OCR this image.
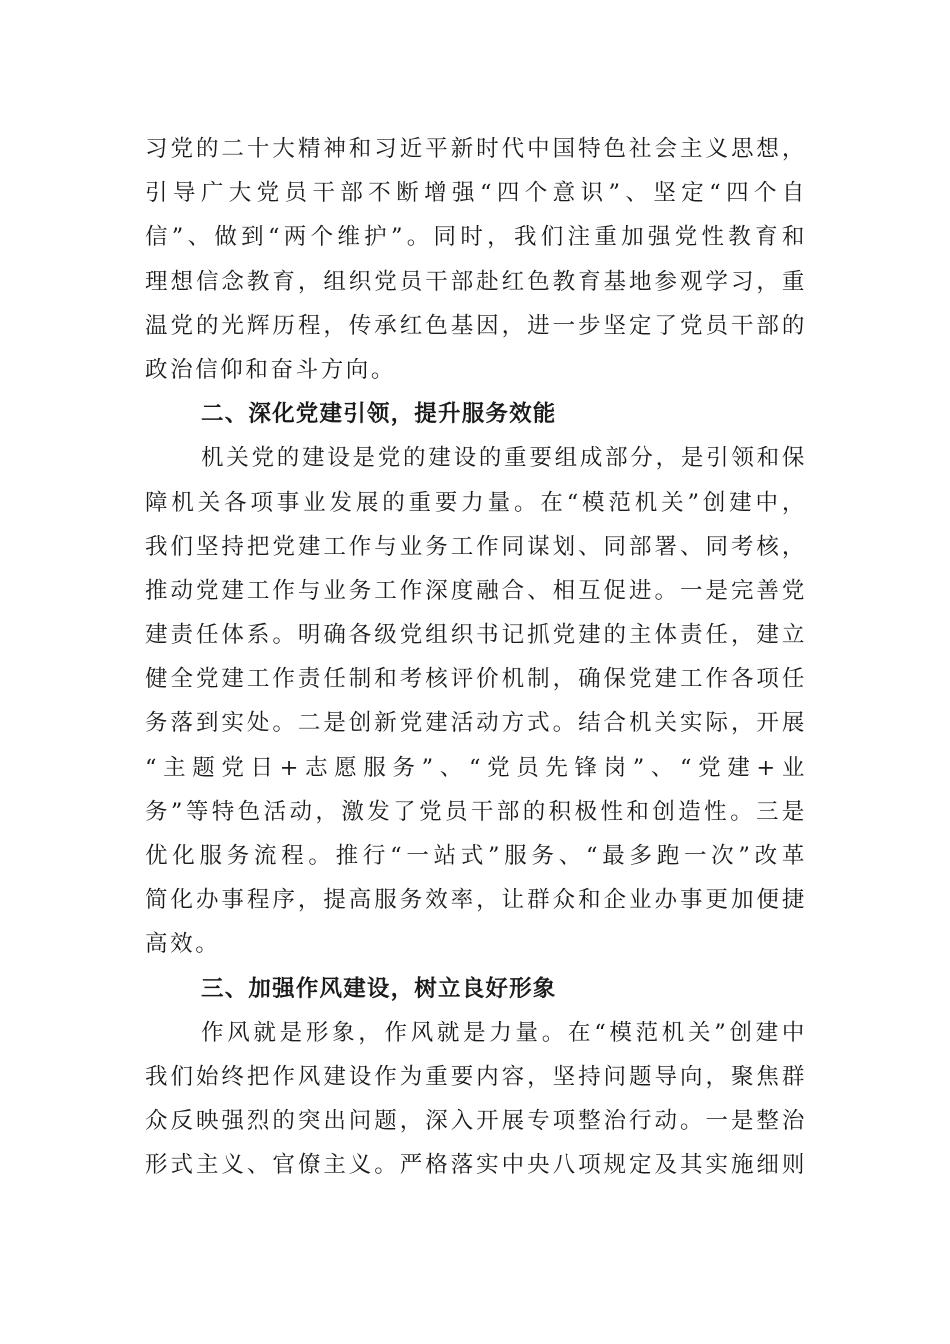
习党的二十大精神和习近平新时代中国特色社会主义思想，
引导广大党员干部不断增强“四个意识”、坚定“四个自
信”、做到“两个维护”。同时，我们注重加强党性教育和
理想信念教育，组织党员干部赴红色教育基地参观学习，重
温党的光辉历程，传承红色基因，进一步坚定了党员干部的
政治信仰和奋斗方向。
二、深化党建引领，提升服务效能
机关党的建设是党的建设的重要组成部分，是引领和保
障机关各项事业发展的重要力量。在“模范机关”创建中，
我们坚持把党建工作与业务工作同谋划、同部署、同考核，
推动党建工作与业务工作深度融合、相互促进。一是完善党
建责任体系。明确各级党组织书记抓党建的主体责任，建立
健全党建工作责任制和考核评价机制，确保党建工作各项任
务落到实处。二是创新党建活动方式。结合机关实际，开展
“主题党日+志愿服务”、“党员先锋岗”、“党建+业
务”等特色活动，激发了党员干部的积极性和创造性。三是
优化服务流程。推行“一站式”服务、“最多跑一次”改革
简化办事程序，提高服务效率，让群众和企业办事更加便捷
高效。
三、加强作风建设，树立良好形象
作风就是形象，作风就是力量。在“模范机关”创建中
我们始终把作风建设作为重要内容，坚持问题导向，聚焦群
众反映强烈的突出问题，深入开展专项整治行动。一是整治
形式主义、官僚主义。严格落实中央八项规定及其实施细则
